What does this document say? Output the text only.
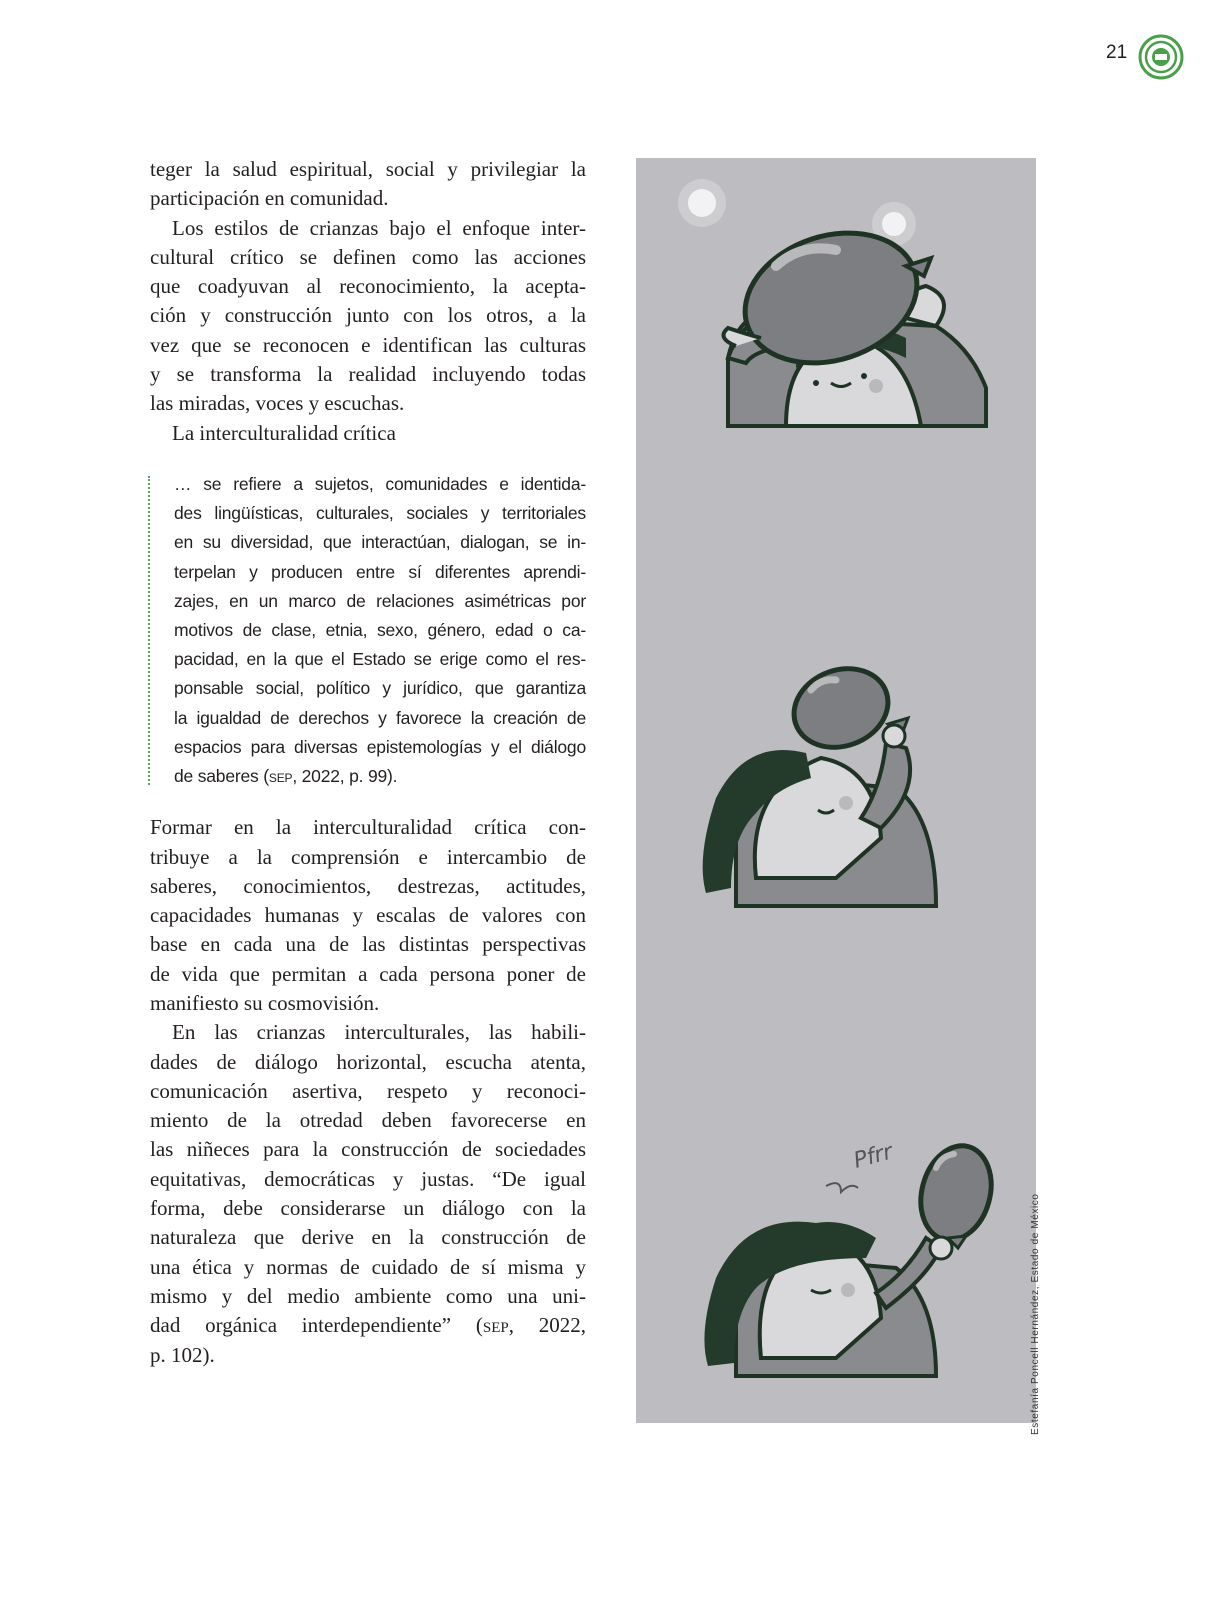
21

teger la salud espiritual, social y privilegiar la
participación en comunidad.

Los estilos de crianzas bajo el enfoque inter-
cultural crítico se definen como las acciones
que coadyuvan al reconocimiento, la acepta-
ción y construcción junto con los otros, a la
vez que se reconocen e identifican las culturas
y se transforma la realidad incluyendo todas
las miradas, voces y escuchas.

La interculturalidad crítica

… se refiere a sujetos, comunidades e identida-
des lingüísticas, culturales, sociales y territoriales
en su diversidad, que interactúan, dialogan, se in-
terpelan y producen entre sí diferentes aprendi-
zajes, en un marco de relaciones asimétricas por
motivos de clase, etnia, sexo, género, edad o ca-
pacidad, en la que el Estado se erige como el res-
ponsable social, político y jurídico, que garantiza
la igualdad de derechos y favorece la creación de
espacios para diversas epistemologías y el diálogo
de saberes (sep, 2022, p. 99).

Formar en la interculturalidad crítica con-
tribuye a la comprensión e intercambio de
saberes, conocimientos, destrezas, actitudes,
capacidades humanas y escalas de valores con
base en cada una de las distintas perspectivas
de vida que permitan a cada persona poner de
manifiesto su cosmovisión.

En las crianzas interculturales, las habili-
dades de diálogo horizontal, escucha atenta,
comunicación asertiva, respeto y reconoci-
miento de la otredad deben favorecerse en
las niñeces para la construcción de sociedades
equitativas, democráticas y justas. “De igual
forma, debe considerarse un diálogo con la
naturaleza que derive en la construcción de
una ética y normas de cuidado de sí misma y
mismo y del medio ambiente como una uni-
dad orgánica interdependiente” (sep, 2022,
p. 102).

Pfrr
Estefanía Poncell Hernández, Estado de México
